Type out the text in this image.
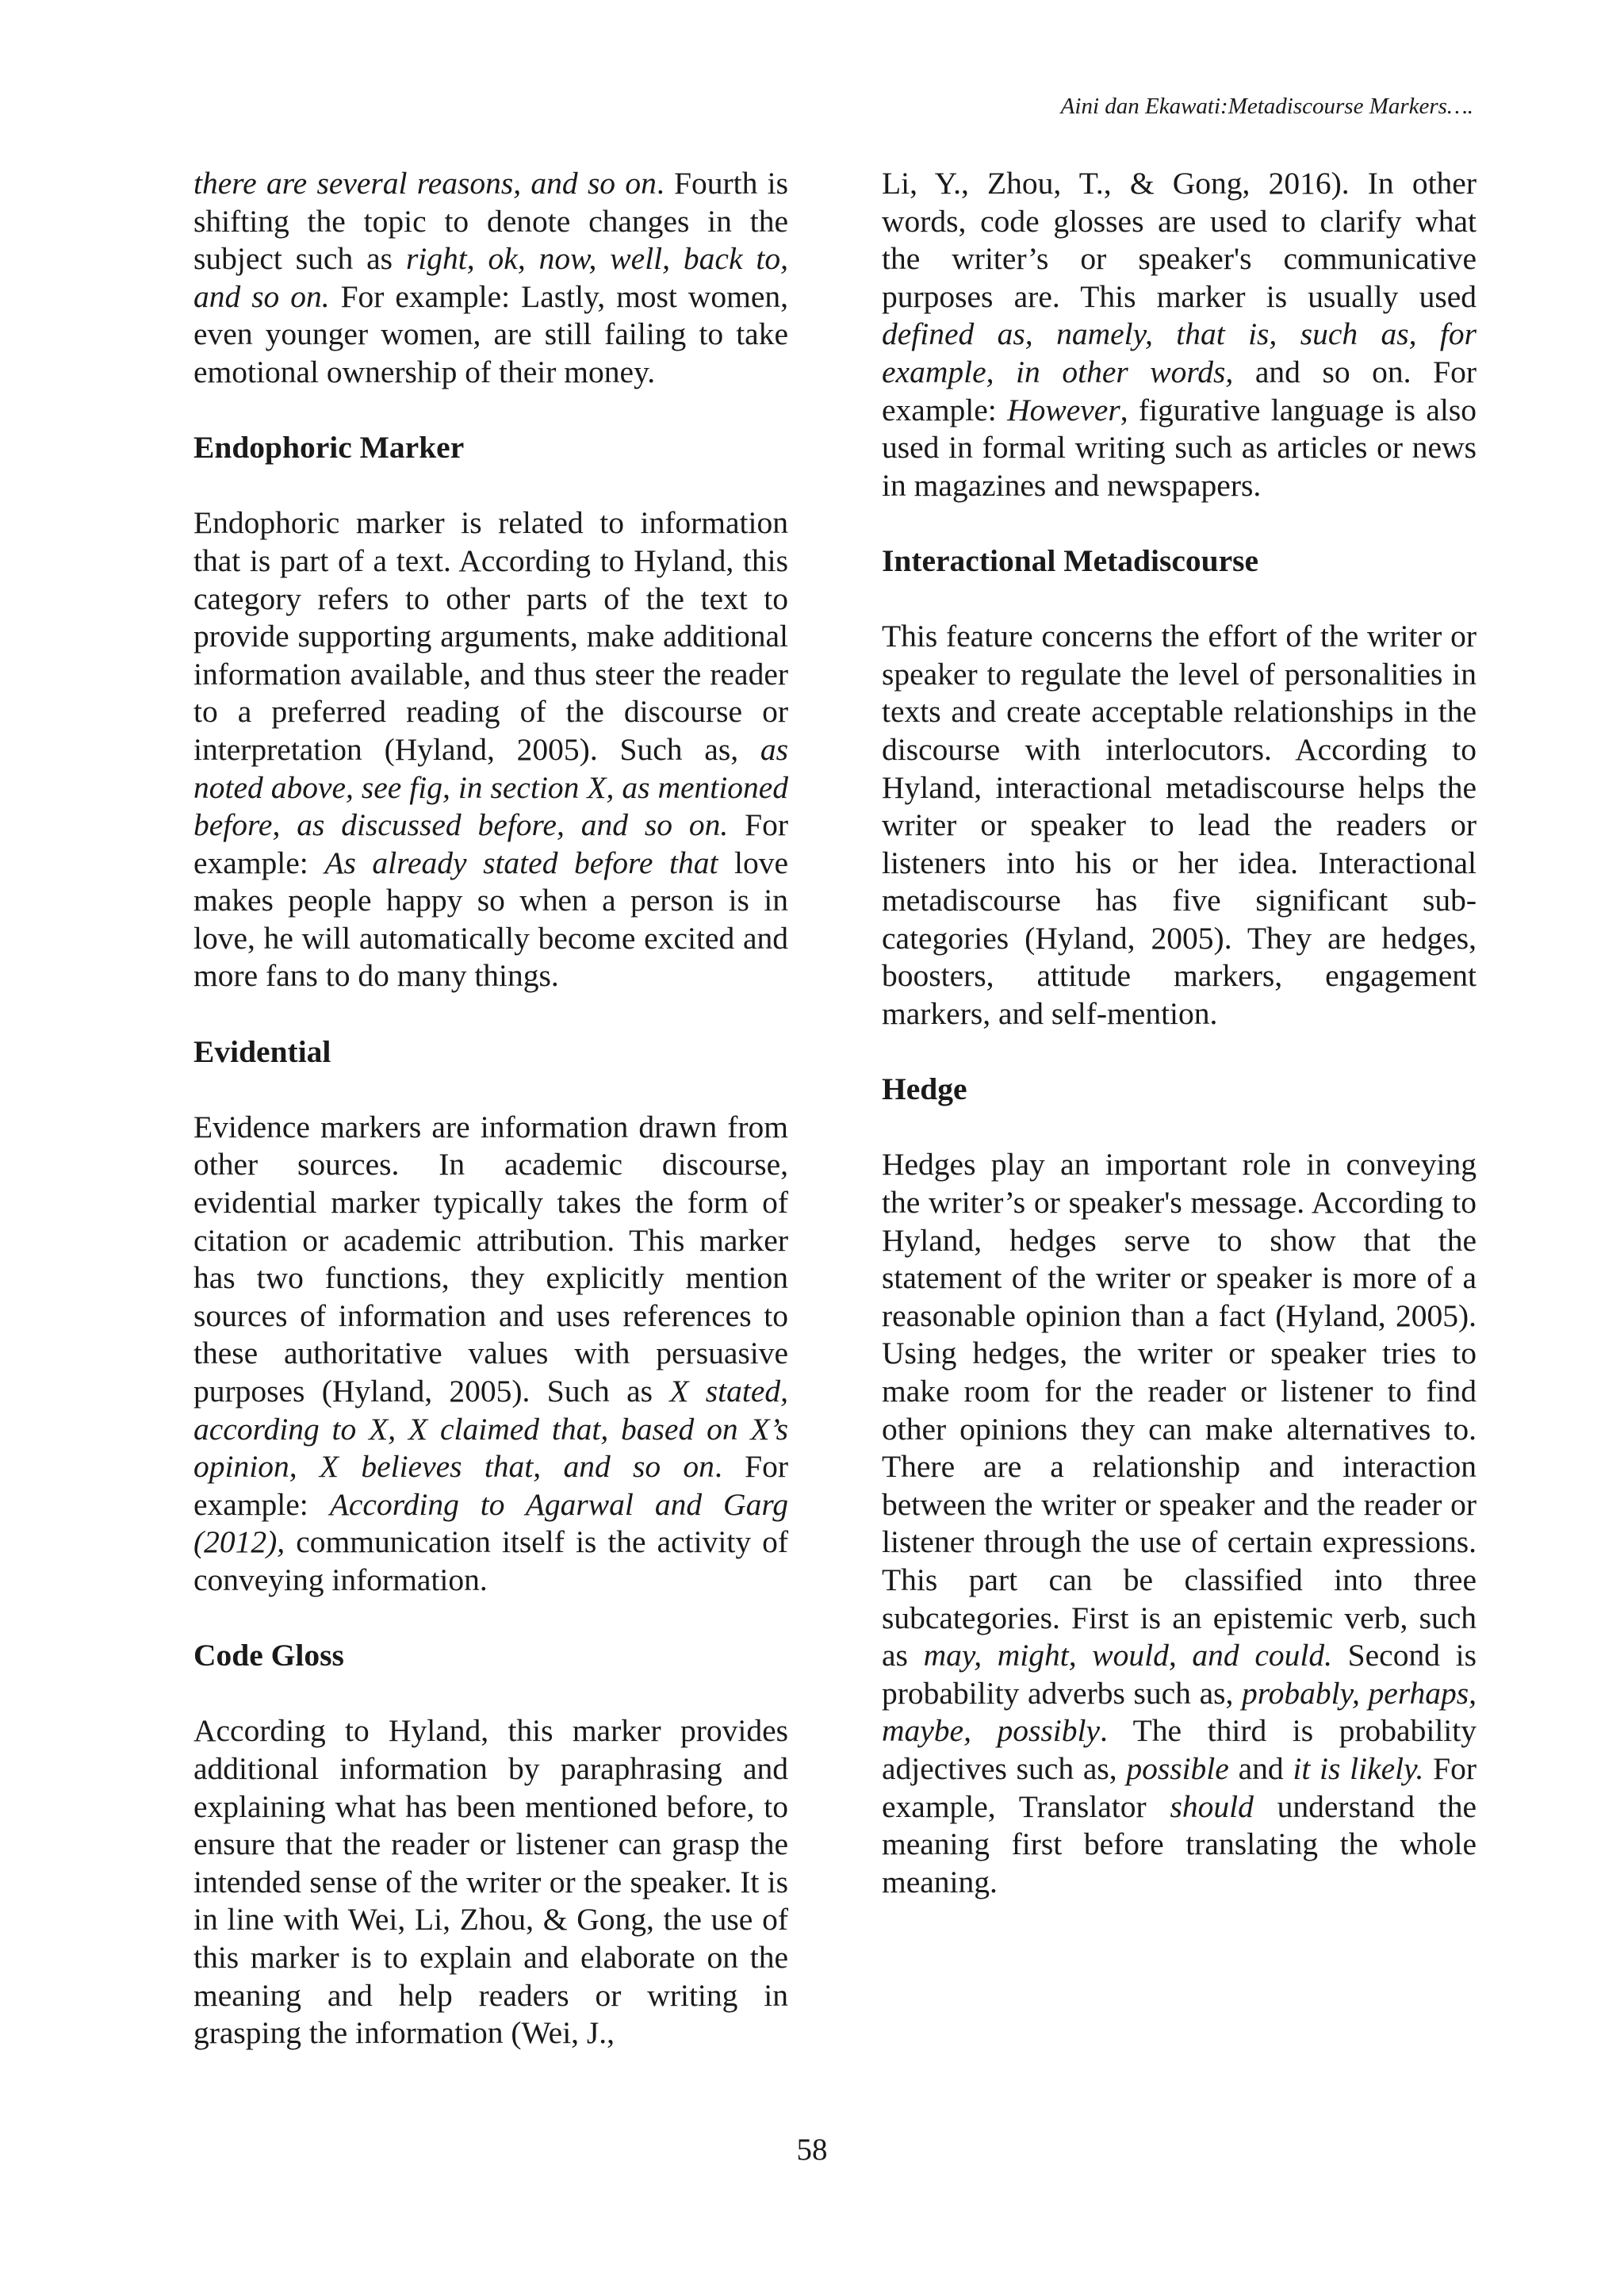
Aini dan Ekawati:Metadiscourse Markers….

there are several reasons, and so on. Fourth is shifting the topic to denote changes in the subject such as right, ok, now, well, back to, and so on. For example: Lastly, most women, even younger women, are still failing to take emotional ownership of their money.

Endophoric Marker

Endophoric marker is related to information that is part of a text. According to Hyland, this category refers to other parts of the text to provide supporting arguments, make additional information available, and thus steer the reader to a preferred reading of the discourse or interpretation (Hyland, 2005). Such as, as noted above, see fig, in section X, as mentioned before, as discussed before, and so on. For example: As already stated before that love makes people happy so when a person is in love, he will automatically become excited and more fans to do many things.

Evidential

Evidence markers are information drawn from other sources. In academic discourse, evidential marker typically takes the form of citation or academic attribution. This marker has two functions, they explicitly mention sources of information and uses references to these authoritative values with persuasive purposes (Hyland, 2005). Such as X stated, according to X, X claimed that, based on X’s opinion, X believes that, and so on. For example: According to Agarwal and Garg (2012), communication itself is the activity of conveying information.

Code Gloss

According to Hyland, this marker provides additional information by paraphrasing and explaining what has been mentioned before, to ensure that the reader or listener can grasp the intended sense of the writer or the speaker. It is in line with Wei, Li, Zhou, & Gong, the use of this marker is to explain and elaborate on the meaning and help readers or writing in grasping the information (Wei, J.,

Li, Y., Zhou, T., & Gong, 2016). In other words, code glosses are used to clarify what the writer’s or speaker's communicative purposes are. This marker is usually used defined as, namely, that is, such as, for example, in other words, and so on. For example: However, figurative language is also used in formal writing such as articles or news in magazines and newspapers.

Interactional Metadiscourse

This feature concerns the effort of the writer or speaker to regulate the level of personalities in texts and create acceptable relationships in the discourse with interlocutors. According to Hyland, interactional metadiscourse helps the writer or speaker to lead the readers or listeners into his or her idea. Interactional metadiscourse has five significant sub-categories (Hyland, 2005). They are hedges, boosters, attitude markers, engagement markers, and self-mention.

Hedge

Hedges play an important role in conveying the writer’s or speaker's message. According to Hyland, hedges serve to show that the statement of the writer or speaker is more of a reasonable opinion than a fact (Hyland, 2005). Using hedges, the writer or speaker tries to make room for the reader or listener to find other opinions they can make alternatives to. There are a relationship and interaction between the writer or speaker and the reader or listener through the use of certain expressions. This part can be classified into three subcategories. First is an epistemic verb, such as may, might, would, and could. Second is probability adverbs such as, probably, perhaps, maybe, possibly. The third is probability adjectives such as, possible and it is likely. For example, Translator should understand the meaning first before translating the whole meaning.

58
